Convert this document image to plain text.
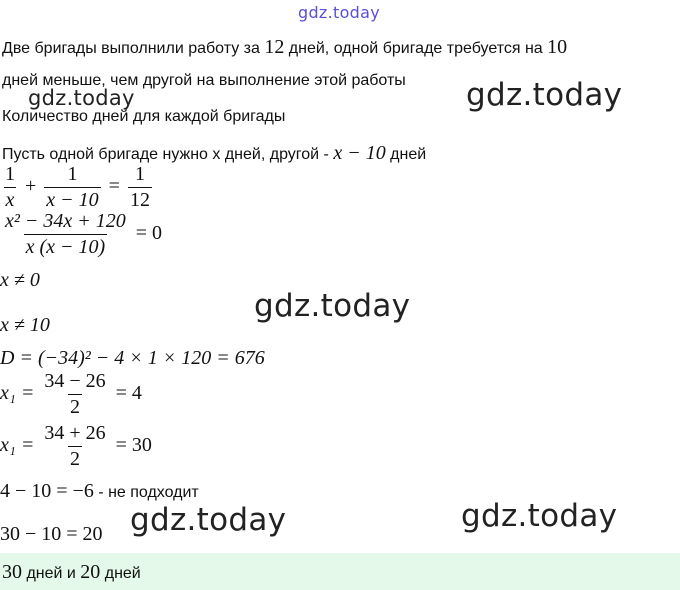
gdz.today
Две бригады выполнили работу за 12 дней, одной бригаде требуется на 10
дней меньше, чем другой на выполнение этой работы
gdz.today	gdz.today
Количество дней для каждой бригады
Пусть одной бригаде нужно х дней, другой - x − 10 дней
$\frac{1}{x} + \frac{1}{x - 10} = \frac{1}{12}$
$\frac{\text{x² − 34x + 120}}{x (x - 10)} = 0$
x ≠ 0
gdz.today
x ≠ 10
D = (−34)² − 4 × 1 × 120 = 676
$x_1 = \frac{34 - 26}{2} = 4$
$x_1 = \frac{34 + 26}{2} = 30$
4 − 10 = −6 - не подходит
30 − 10 = 20 gdz.today	gdz.today
30 дней и 20 дней
